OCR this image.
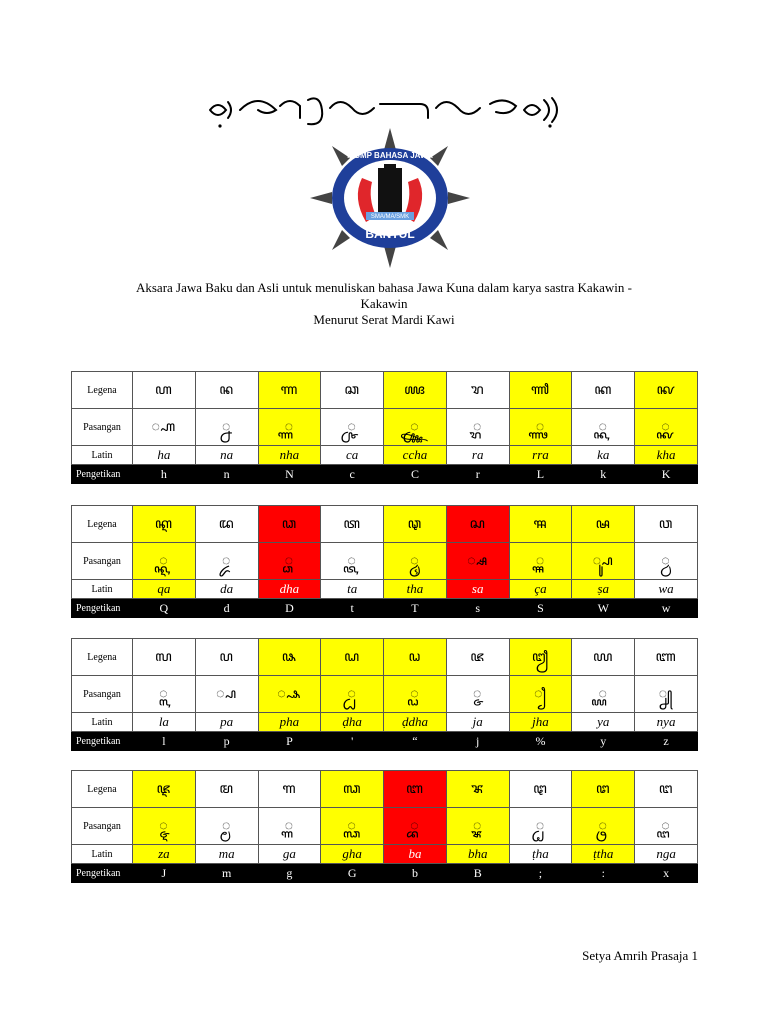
SMA/MA/SMK
MGMP BAHASA JAWA
BANTUL
Aksara Jawa Baku dan Asli untuk menuliskan bahasa Jawa Kuna dalam karya sastra Kakawin -
Kakawin
Menurut Serat Mardi Kawi
Legena	ꦲ	ꦤ	ꦟ	ꦕ	ꦖ	ꦫ	ꦬ	ꦏ	ꦑ
Pasangan	꧀ꦲ	꧀ꦤ	꧀ꦟ	꧀ꦕ	꧀ꦖ	꧀ꦫ	꧀ꦬ	꧀ꦏ	꧀ꦑ
Latin	ha	na	nha	ca	ccha	ra	rra	ka	kha
Pengetikan	h	n	N	c	C	r	L	k	K
Legena	ꦐ	ꦢ	ꦣ	ꦠ	ꦡ	ꦱ	ꦯ	ꦰ	ꦮ
Pasangan	꧀ꦐ	꧀ꦢ	꧀ꦣ	꧀ꦠ	꧀ꦡ	꧀ꦱ	꧀ꦯ	꧀ꦰ	꧀ꦮ
Latin	qa	da	dha	ta	tha	sa	ça	ṣa	wa
Pengetikan	Q	d	D	t	T	s	S	W	w
Legena	ꦭ	ꦥ	ꦦ	ꦝ	ꦞ	ꦗ	ꦙ	ꦪ	ꦚ
Pasangan	꧀ꦭ	꧀ꦥ	꧀ꦦ	꧀ꦝ	꧀ꦞ	꧀ꦗ	꧀ꦙ	꧀ꦪ	꧀ꦚ
Latin	la	pa	pha	ḍha	ḍdha	ja	jha	ya	nya
Pengetikan	l	p	P	'	“	j	%	y	z
Legena	ꦘ	ꦩ	ꦒ	ꦓ	ꦧ	ꦨ	ꦛ	ꦜ	ꦔ
Pasangan	꧀ꦘ	꧀ꦩ	꧀ꦒ	꧀ꦓ	꧀ꦧ	꧀ꦨ	꧀ꦛ	꧀ꦜ	꧀ꦔ
Latin	za	ma	ga	gha	ba	bha	ṭha	ṭtha	nga
Pengetikan	J	m	g	G	b	B	;	:	x
Setya Amrih Prasaja 1
